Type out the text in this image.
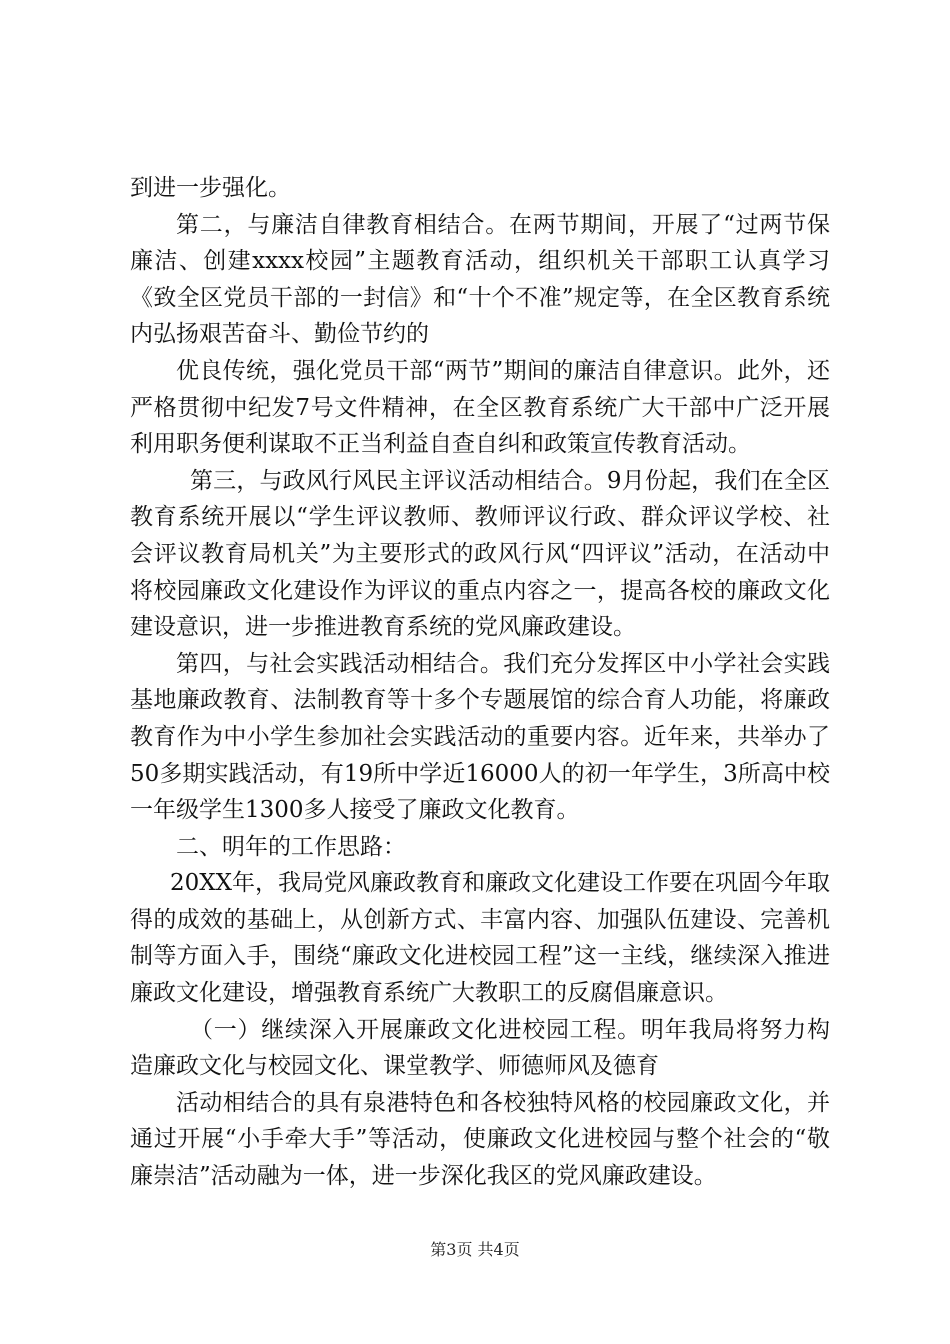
到进一步强化。

第二，与廉洁自律教育相结合。在两节期间，开展了“过两节保廉洁、创建xxxx校园”主题教育活动，组织机关干部职工认真学习《致全区党员干部的一封信》和“十个不准”规定等，在全区教育系统内弘扬艰苦奋斗、勤俭节约的

优良传统，强化党员干部“两节”期间的廉洁自律意识。此外，还严格贯彻中纪发7号文件精神，在全区教育系统广大干部中广泛开展利用职务便利谋取不正当利益自查自纠和政策宣传教育活动。

第三，与政风行风民主评议活动相结合。9月份起，我们在全区教育系统开展以“学生评议教师、教师评议行政、群众评议学校、社会评议教育局机关”为主要形式的政风行风“四评议”活动，在活动中将校园廉政文化建设作为评议的重点内容之一，提高各校的廉政文化建设意识，进一步推进教育系统的党风廉政建设。

第四，与社会实践活动相结合。我们充分发挥区中小学社会实践基地廉政教育、法制教育等十多个专题展馆的综合育人功能，将廉政教育作为中小学生参加社会实践活动的重要内容。近年来，共举办了50多期实践活动，有19所中学近16000人的初一年学生，3所高中校一年级学生1300多人接受了廉政文化教育。

二、明年的工作思路：

20XX年，我局党风廉政教育和廉政文化建设工作要在巩固今年取得的成效的基础上，从创新方式、丰富内容、加强队伍建设、完善机制等方面入手，围绕“廉政文化进校园工程”这一主线，继续深入推进廉政文化建设，增强教育系统广大教职工的反腐倡廉意识。

（一）继续深入开展廉政文化进校园工程。明年我局将努力构造廉政文化与校园文化、课堂教学、师德师风及德育

活动相结合的具有泉港特色和各校独特风格的校园廉政文化，并通过开展“小手牵大手”等活动，使廉政文化进校园与整个社会的“敬廉崇洁”活动融为一体，进一步深化我区的党风廉政建设。

第3页 共4页
